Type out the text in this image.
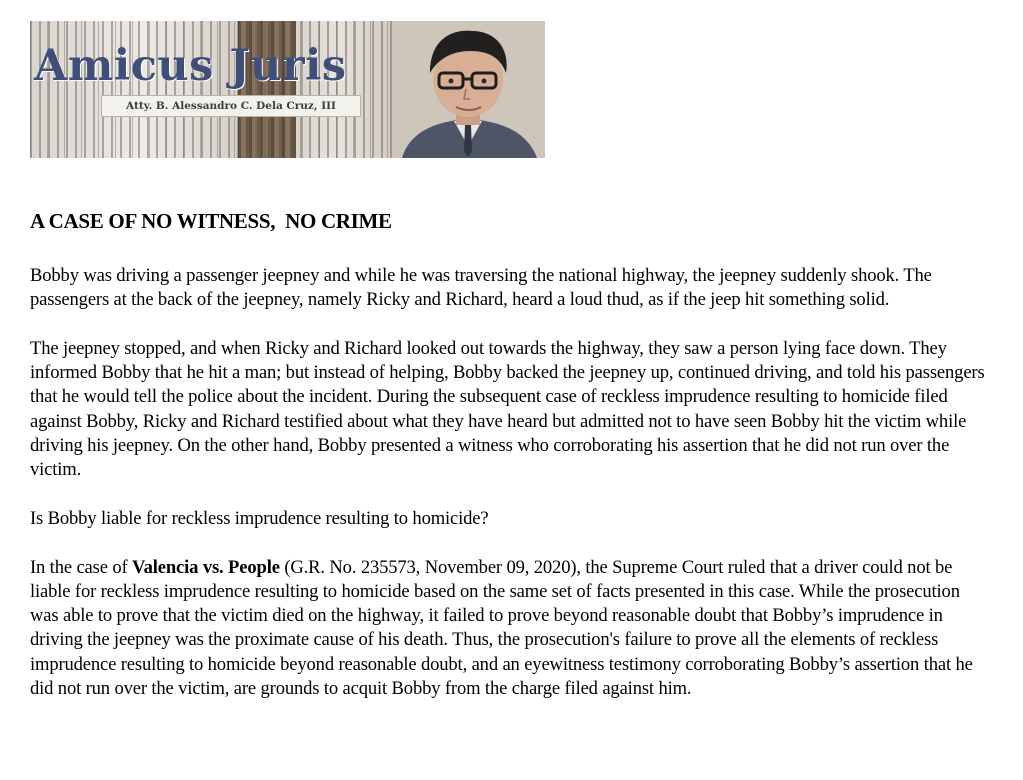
Amicus Juris
Atty. B. Alessandro C. Dela Cruz, III
A CASE OF NO WITNESS,  NO CRIME

Bobby was driving a passenger jeepney and while he was traversing the national highway, the jeepney suddenly shook. The passengers at the back of the jeepney, namely Ricky and Richard, heard a loud thud, as if the jeep hit something solid.

The jeepney stopped, and when Ricky and Richard looked out towards the highway, they saw a person lying face down. They informed Bobby that he hit a man; but instead of helping, Bobby backed the jeepney up, continued driving, and told his passengers that he would tell the police about the incident. During the subsequent case of reckless imprudence resulting to homicide filed against Bobby, Ricky and Richard testified about what they have heard but admitted not to have seen Bobby hit the victim while driving his jeepney. On the other hand, Bobby presented a witness who corroborating his assertion that he did not run over the victim.

Is Bobby liable for reckless imprudence resulting to homicide?

In the case of Valencia vs. People (G.R. No. 235573, November 09, 2020), the Supreme Court ruled that a driver could not be liable for reckless imprudence resulting to homicide based on the same set of facts presented in this case. While the prosecution was able to prove that the victim died on the highway, it failed to prove beyond reasonable doubt that Bobby’s imprudence in driving the jeepney was the proximate cause of his death. Thus, the prosecution's failure to prove all the elements of reckless imprudence resulting to homicide beyond reasonable doubt, and an eyewitness testimony corroborating Bobby’s assertion that he did not run over the victim, are grounds to acquit Bobby from the charge filed against him.
